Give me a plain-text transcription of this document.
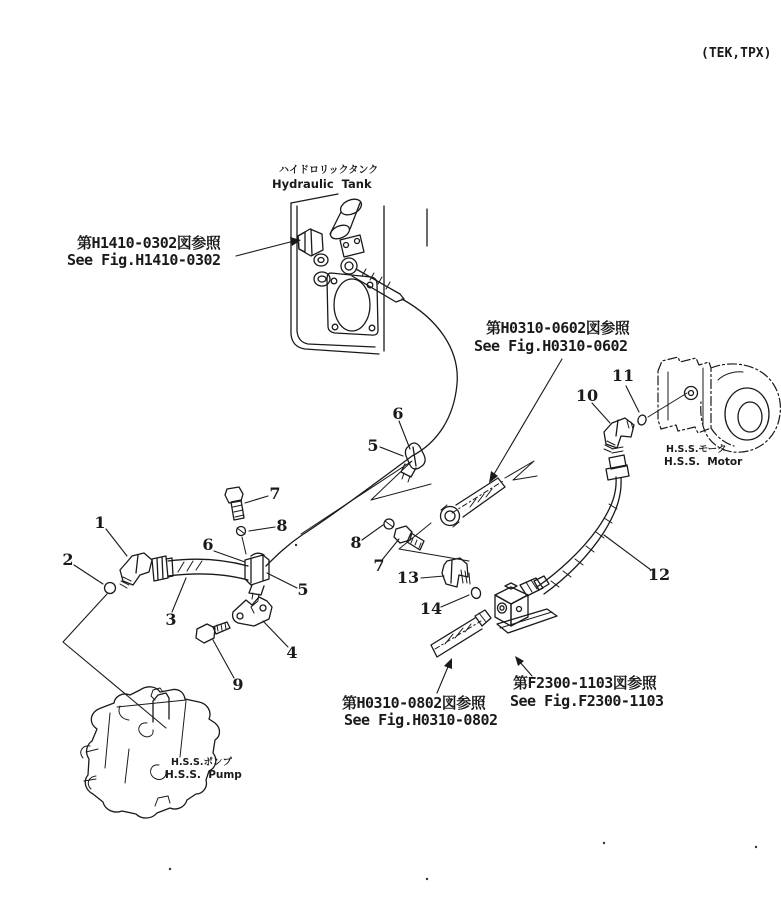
(TEK,TPX)
ハイドロリックタンク
Hydraulic  Tank
第H1410-0302図参照
See Fig.H1410-0302
第H0310-0602図参照
See Fig.H0310-0602
第H0310-0802図参照
See Fig.H0310-0802
第F2300-1103図参照
See Fig.F2300-1103
H.S.S.モータ
H.S.S.  Motor
H.S.S.ポンプ
H.S.S.  Pump
1
2
3
4
5
6
7
8
9
5
6
7
8
10
11
12
13
14
